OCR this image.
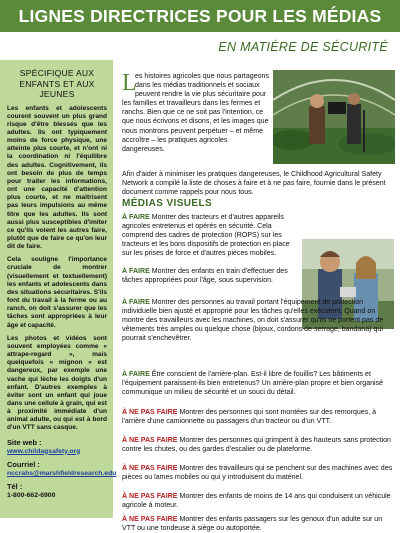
LIGNES DIRECTRICES POUR LES MÉDIAS
EN MATIÈRE DE SÉCURITÉ
SPÉCIFIQUE AUX ENFANTS ET AUX JEUNES

Les enfants et adolescents courent souvent un plus grand risque d'être blessés que les adultes. Ils ont typiquement moins de force physique, une atteinte plus courte, et n'ont ni la coordination ni l'équilibre des adultes. Cognitivement, ils ont besoin de plus de temps pour traiter les informations, ont une capacité d'attention plus courte, et ne maîtrisent pas leurs impulsions au même titre que les adultes. Ils sont aussi plus susceptibles d'imiter ce qu'ils voient les autres faire, plutôt que de faire ce qu'on leur dit de faire.

Cela souligne l'importance cruciale de montrer (visuellement et textuellement) les enfants et adolescents dans des situations sécuritaires. S'ils font du travail à la ferme ou au ranch, on doit s'assurer que les tâches sont appropriées à leur âge et capacité.

Les photos et vidéos sont souvent employées comme « attrape-regard », mais quelquefois « mignon » est dangereux, par exemple une vache qui lèche les doigts d'un enfant. D'autres exemples à éviter sont un enfant qui joue dans une cellule à grain, qui est à proximité immédiate d'un animal adulte, ou qui est à bord d'un VTT sans casque.

Site web :
www.childagsafety.org
Courriel :
nccrahs@marshfieldresearch.edu
Tél :
1-800-662-6900
L
es histoires agricoles que nous partageons dans les médias traditionnels et sociaux peuvent rendre la vie plus sécuritaire pour les familles et travailleurs dans les fermes et ranchs. Bien que ce ne soit pas l'intention, ce que nous écrivons et disons, et les images que nous montrons peuvent perpétuer – et même accroître – les pratiques agricoles dangereuses.

Afin d'aider à minimiser les pratiques dangereuses, le Childhood Agricultural Safety Network a compilé la liste de choses à faire et à ne pas faire, fournie dans le présent document comme rappels pour nous tous.

MÉDIAS VISUELS

À FAIRE Montrer des tracteurs et d'autres appareils agricoles entretenus et opérés en sécurité. Cela comprend des cadres de protection (ROPS) sur les tracteurs et les bons dispositifs de protection en place sur les prises de force et d'autres pièces mobiles.

À FAIRE Montrer des enfants en train d'effectuer des tâches appropriées pour l'âge, sous supervision.

À FAIRE Montrer des personnes au travail portant l'équipement de protection individuelle bien ajusté et approprié pour les tâches qu'elles exécutent. Quand on montre des travailleurs avec les machines, on doit s'assurer qu'ils ne portent pas de vêtements très amples ou quelque chose (bijoux, cordons de serrage, bandana) qui pourrait s'enchevêtrer.

À FAIRE Être conscient de l'arrière-plan. Est-il libre de fouillis? Les bâtiments et l'équipement paraissent-ils bien entretenus? Un arrière-plan propre et bien organisé communique un milieu de sécurité et un souci du détail.

À NE PAS FAIRE Montrer des personnes qui sont montées sur des remorques, à l'arrière d'une camionnette ou passagers d'un tracteur ou d'un VTT.

À NE PAS FAIRE Montrer des personnes qui grimpent à des hauteurs sans protection contre les chutes, ou des gardes d'escalier ou de plateforme.

À NE PAS FAIRE Montrer des travailleurs qui se penchent sur des machines avec des pièces ou lames mobiles ou qui y introduisent du matériel.

À NE PAS FAIRE Montrer des enfants de moins de 14 ans qui conduisent un véhicule agricole à moteur.

À NE PAS FAIRE Montrer des enfants passagers sur les genoux d'un adulte sur un VTT ou une tondeuse à siège ou autoportée.
